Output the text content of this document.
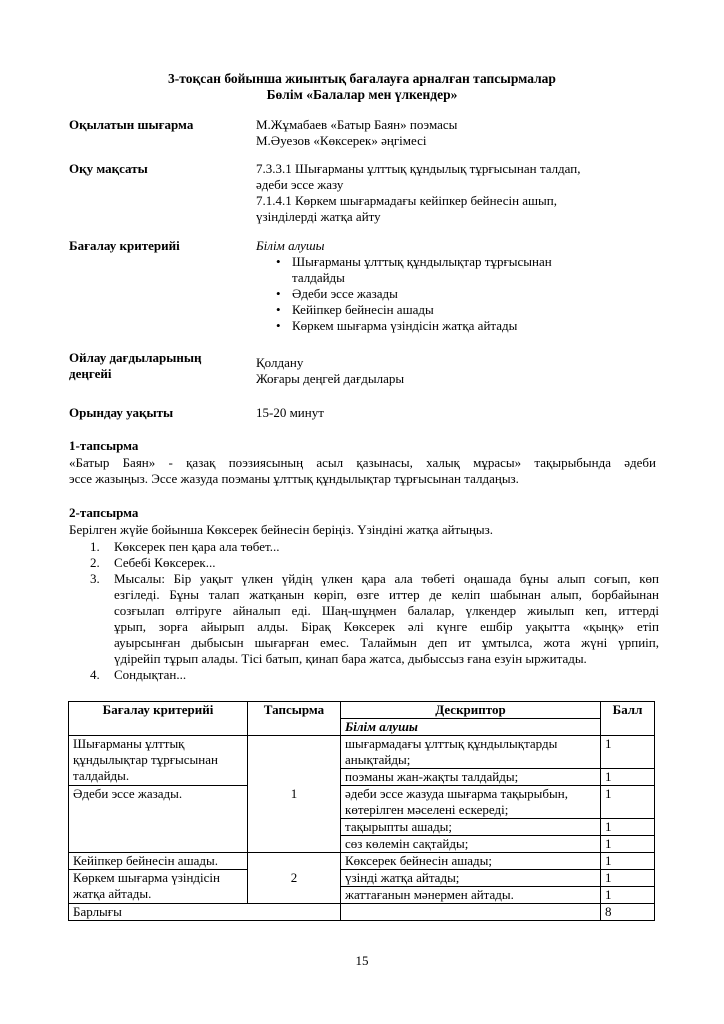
3-тоқсан бойынша жиынтық бағалауға арналған тапсырмалар
Бөлім «Балалар мен үлкендер»
Оқылатын шығарма	М.Жұмабаев «Батыр Баян» поэмасы
М.Әуезов «Көксерек» әңгімесі
Оқу мақсаты	7.3.3.1 Шығарманы ұлттық құндылық тұрғысынан талдап,
әдеби эссе жазу
7.1.4.1 Көркем шығармадағы кейіпкер бейнесін ашып,
үзінділерді жатқа айту
Бағалау критерийі	Білім алушы
• Шығарманы ұлттық құндылықтар тұрғысынан
талдайды
• Әдеби эссе жазады
• Кейіпкер бейнесін ашады
• Көркем шығарма үзіндісін жатқа айтады
Ойлау дағдыларының
деңгейі
Қолдану
Жоғары деңгей дағдылары
Орындау уақыты	15-20 минут
1-тапсырма
«Батыр Баян» - қазақ поэзиясының асыл қазынасы, халық мұрасы» тақырыбында әдеби
эссе жазыңыз. Эссе жазуда поэманы ұлттық құндылықтар тұрғысынан талдаңыз.
2-тапсырма
Берілген жүйе бойынша Көксерек бейнесін беріңіз. Үзіндіні жатқа айтыңыз.
1. Көксерек пен қара ала төбет...
2. Себебі Көксерек...
3. Мысалы: Бір уақыт үлкен үйдің үлкен қара ала төбеті оңашада бұны алып соғып, көп
езгіледі. Бұны талап жатқанын көріп, өзге иттер де келіп шабынан алып, борбайынан
созғылап өлтіруге айналып еді. Шаң-шұңмен балалар, үлкендер жиылып кеп, иттерді
ұрып, зорға айырып алды. Бірақ Көксерек әлі күнге ешбір уақытта «қыңқ» етіп
ауырсынған дыбысын шығарған емес. Талаймын деп ит ұмтылса, жота жүні үрпиіп,
үдірейіп тұрып алады. Тісі батып, қинап бара жатса, дыбыссыз ғана езуін ыржитады.
4. Сондықтан...
Бағалау критерийі	Тапсырма	Дескриптор	Балл
		Білім алушы	
Шығарманы ұлттық құндылықтар тұрғысынан талдайды.	1	шығармадағы ұлттық құндылықтарды анықтайды;	1
		поэманы жан-жақты талдайды;	1
Әдеби эссе жазады.		әдеби эссе жазуда шығарма тақырыбын, көтерілген мәселені ескереді;	1
		тақырыпты ашады;	1
		сөз көлемін сақтайды;	1
Кейіпкер бейнесін ашады.	2	Көксерек бейнесін ашады;	1
Көркем шығарма үзіндісін жатқа айтады.		үзінді жатқа айтады;	1
		жаттағанын мәнермен айтады.	1
Барлығы			8
15
